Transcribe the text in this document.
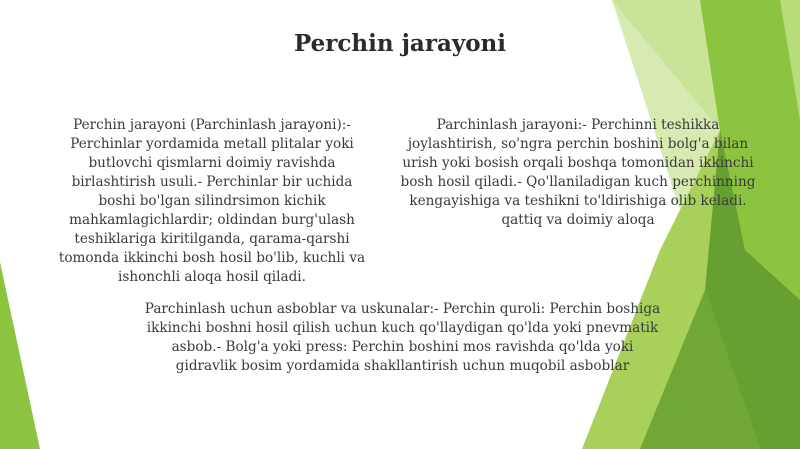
Perchin jarayoni

Perchin jarayoni (Parchinlash jarayoni):- Perchinlar yordamida metall plitalar yoki butlovchi qismlarni doimiy ravishda birlashtirish usuli.- Perchinlar bir uchida boshi bo'lgan silindrsimon kichik mahkamlagichlardir; oldindan burg'ulash teshiklariga kiritilganda, qarama-qarshi tomonda ikkinchi bosh hosil bo'lib, kuchli va ishonchli aloqa hosil qiladi.

Parchinlash jarayoni:- Perchinni teshikka joylashtirish, so'ngra perchin boshini bolg'a bilan urish yoki bosish orqali boshqa tomonidan ikkinchi bosh hosil qiladi.- Qo'llaniladigan kuch perchinning kengayishiga va teshikni to'ldirishiga olib keladi. qattiq va doimiy aloqa

Parchinlash uchun asboblar va uskunalar:- Perchin quroli: Perchin boshiga ikkinchi boshni hosil qilish uchun kuch qo'llaydigan qo'lda yoki pnevmatik asbob.- Bolg'a yoki press: Perchin boshini mos ravishda qo'lda yoki gidravlik bosim yordamida shakllantirish uchun muqobil asboblar
